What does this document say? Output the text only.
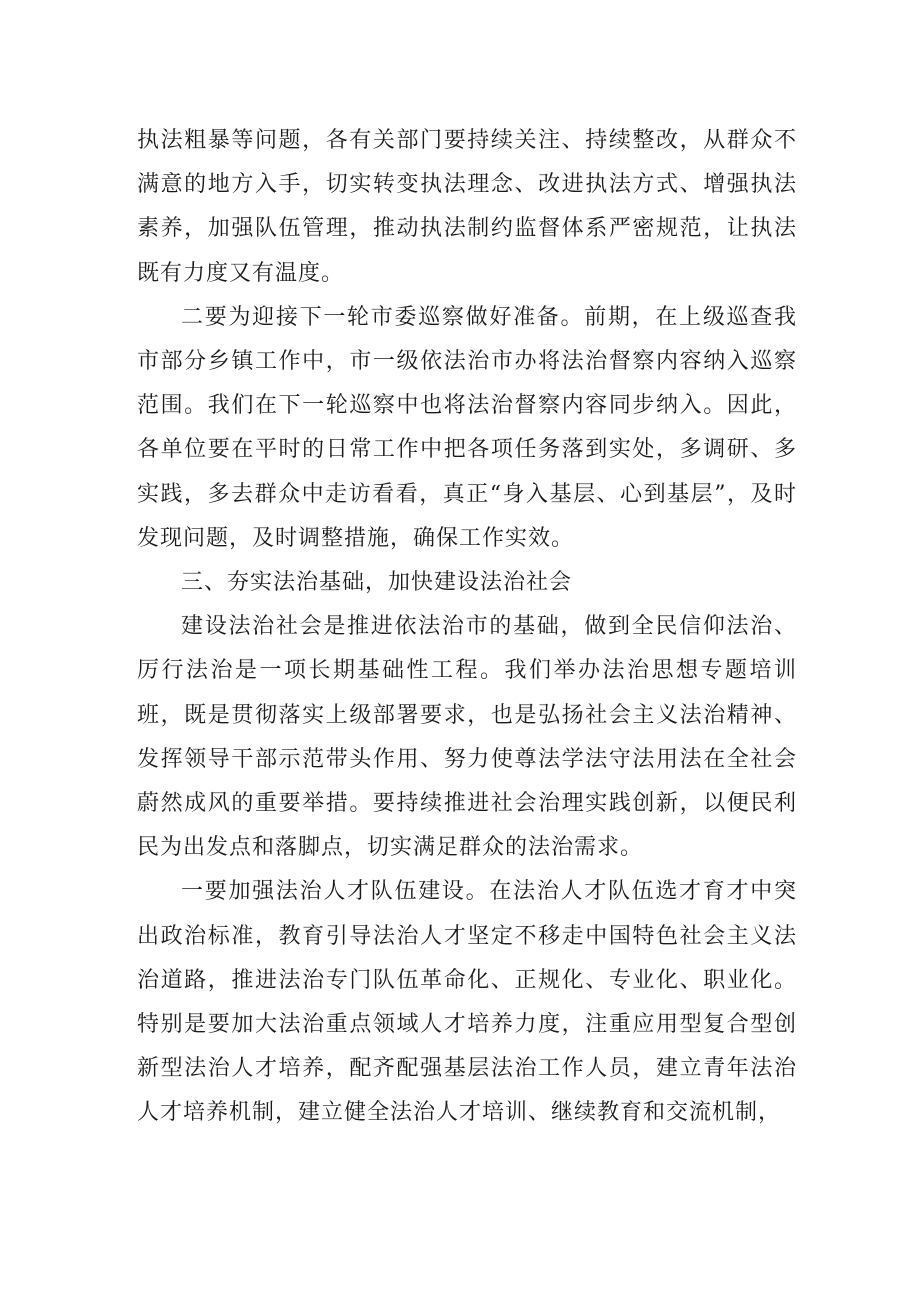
执法粗暴等问题，各有关部门要持续关注、持续整改，从群众不满意的地方入手，切实转变执法理念、改进执法方式、增强执法素养，加强队伍管理，推动执法制约监督体系严密规范，让执法既有力度又有温度。

二要为迎接下一轮市委巡察做好准备。前期，在上级巡查我市部分乡镇工作中，市一级依法治市办将法治督察内容纳入巡察范围。我们在下一轮巡察中也将法治督察内容同步纳入。因此，各单位要在平时的日常工作中把各项任务落到实处，多调研、多实践，多去群众中走访看看，真正“身入基层、心到基层”，及时发现问题，及时调整措施，确保工作实效。

三、夯实法治基础，加快建设法治社会

建设法治社会是推进依法治市的基础，做到全民信仰法治、厉行法治是一项长期基础性工程。我们举办法治思想专题培训班，既是贯彻落实上级部署要求，也是弘扬社会主义法治精神、发挥领导干部示范带头作用、努力使尊法学法守法用法在全社会蔚然成风的重要举措。要持续推进社会治理实践创新，以便民利民为出发点和落脚点，切实满足群众的法治需求。

一要加强法治人才队伍建设。在法治人才队伍选才育才中突出政治标准，教育引导法治人才坚定不移走中国特色社会主义法治道路，推进法治专门队伍革命化、正规化、专业化、职业化。特别是要加大法治重点领域人才培养力度，注重应用型复合型创新型法治人才培养，配齐配强基层法治工作人员，建立青年法治人才培养机制，建立健全法治人才培训、继续教育和交流机制，
